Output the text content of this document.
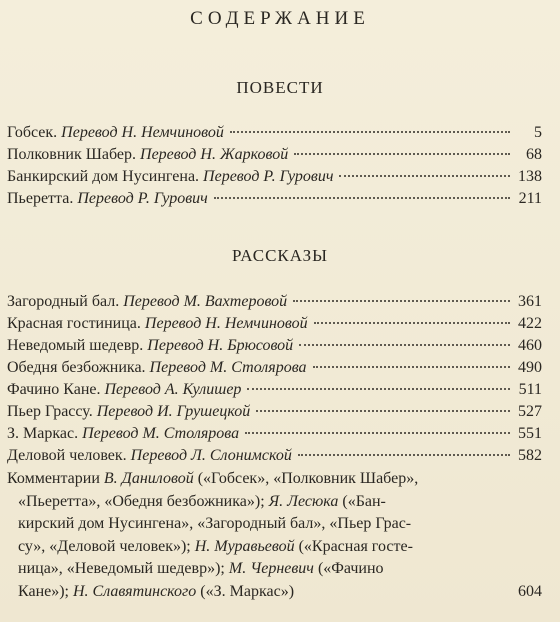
СОДЕРЖАНИЕ
ПОВЕСТИ
Гобсек. Перевод Н. Немчиновой	5
Полковник Шабер. Перевод Н. Жарковой	68
Банкирский дом Нусингена. Перевод Р. Гурович	138
Пьеретта. Перевод Р. Гурович	211
РАССКАЗЫ
Загородный бал. Перевод М. Вахтеровой	361
Красная гостиница. Перевод Н. Немчиновой	422
Неведомый шедевр. Перевод Н. Брюсовой	460
Обедня безбожника. Перевод М. Столярова	490
Фачино Кане. Перевод А. Кулишер	511
Пьер Грассу. Перевод И. Грушецкой	527
З. Маркас. Перевод М. Столярова	551
Деловой человек. Перевод Л. Слонимской	582
Комментарии В. Даниловой («Гобсек», «Полковник Шабер»,
«Пьеретта», «Обедня безбожника»); Я. Лесюка («Бан-
кирский дом Нусингена», «Загородный бал», «Пьер Грас-
су», «Деловой человек»); Н. Муравьевой («Красная госте-
ница», «Неведомый шедевр»); М. Черневич («Фачино
Кане»); Н. Славятинского («З. Маркас»)	604
